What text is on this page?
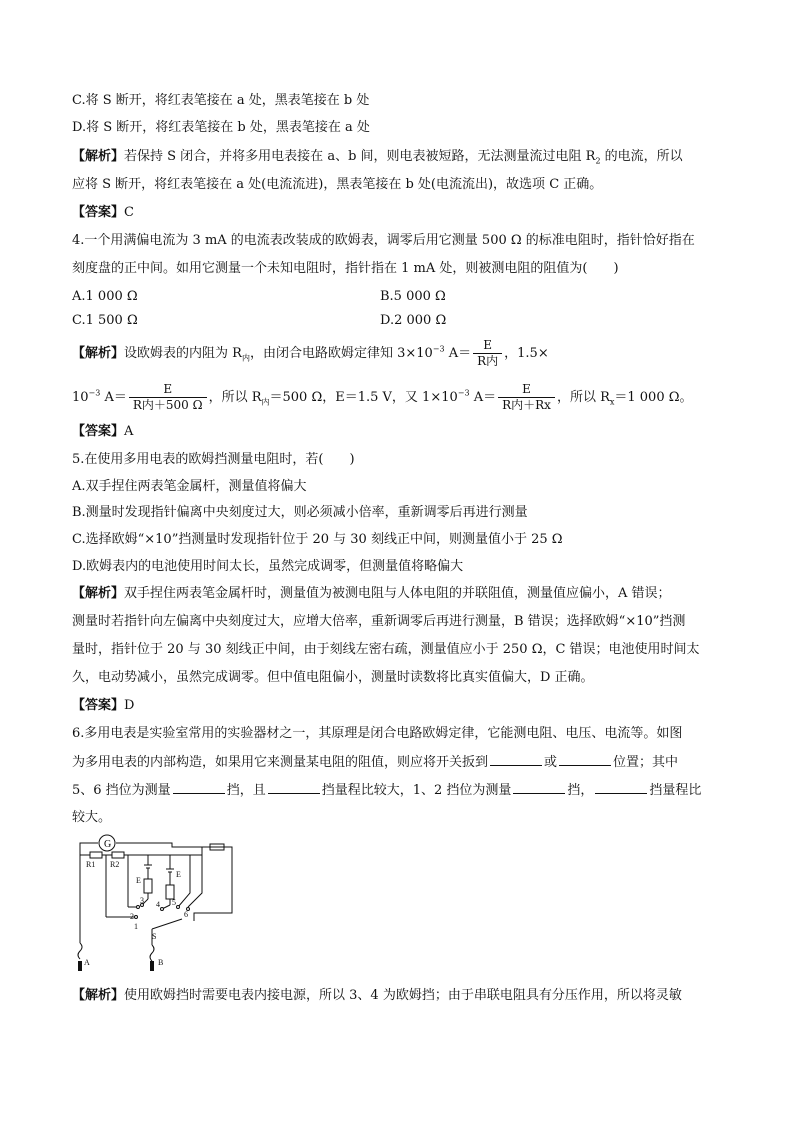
C.将 S 断开，将红表笔接在 a 处，黑表笔接在 b 处
D.将 S 断开，将红表笔接在 b 处，黑表笔接在 a 处
【解析】若保持 S 闭合，并将多用电表接在 a、b 间，则电表被短路，无法测量流过电阻 $R_2$ 的电流，所以
应将 S 断开，将红表笔接在 a 处(电流流进)，黑表笔接在 b 处(电流流出)，故选项 C 正确。
【答案】C
4.一个用满偏电流为 3 mA 的电流表改装成的欧姆表，调零后用它测量 500 Ω 的标准电阻时，指针恰好指在
刻度盘的正中间。如用它测量一个未知电阻时，指针指在 1 mA 处，则被测电阻的阻值为(　　)
A.1 000 Ω	B.5 000 Ω
C.1 500 Ω	D.2 000 Ω
【解析】设欧姆表的内阻为 $R_内$，由闭合电路欧姆定律知 $3\times 10^{-3}$ $A= \frac{E}{\text{R内}}$ ，1.5×
$10^{-3}$ $A= \frac{E}{\text{R内＋500 Ω}}$ ，所以 $R_内=500$ Ω，E＝1.5 V，又 $1\times 10^{-3}$ $A= \frac{E}{\text{R内＋Rx}}$ ，所以 $R_x=1$ 000 Ω。
【答案】A
5.在使用多用电表的欧姆挡测量电阻时，若(　　)
A.双手捏住两表笔金属杆，测量值将偏大
B.测量时发现指针偏离中央刻度过大，则必须减小倍率，重新调零后再进行测量
C.选择欧姆“×10”挡测量时发现指针位于 20 与 30 刻线正中间，则测量值小于 25 Ω
D.欧姆表内的电池使用时间太长，虽然完成调零，但测量值将略偏大
【解析】双手捏住两表笔金属杆时，测量值为被测电阻与人体电阻的并联阻值，测量值应偏小，A 错误；
测量时若指针向左偏离中央刻度过大，应增大倍率，重新调零后再进行测量，B 错误；选择欧姆“×10”挡测
量时，指针位于 20 与 30 刻线正中间，由于刻线左密右疏，测量值应小于 250 Ω，C 错误；电池使用时间太
久，电动势减小，虽然完成调零。但中值电阻偏小，测量时读数将比真实值偏大，D 正确。
【答案】D
6.多用电表是实验室常用的实验器材之一，其原理是闭合电路欧姆定律，它能测电阻、电压、电流等。如图
为多用电表的内部构造，如果用它来测量某电阻的阻值，则应将开关扳到	或	位置；其中
5、6 挡位为测量	挡，且	挡量程比较大，1、2 挡位为测量	挡，	挡量程比
较大。
G
R1 R2
E
E
S
A	B
1
2
3 4 5
6
【解析】使用欧姆挡时需要电表内接电源，所以 3、4 为欧姆挡；由于串联电阻具有分压作用，所以将灵敏
